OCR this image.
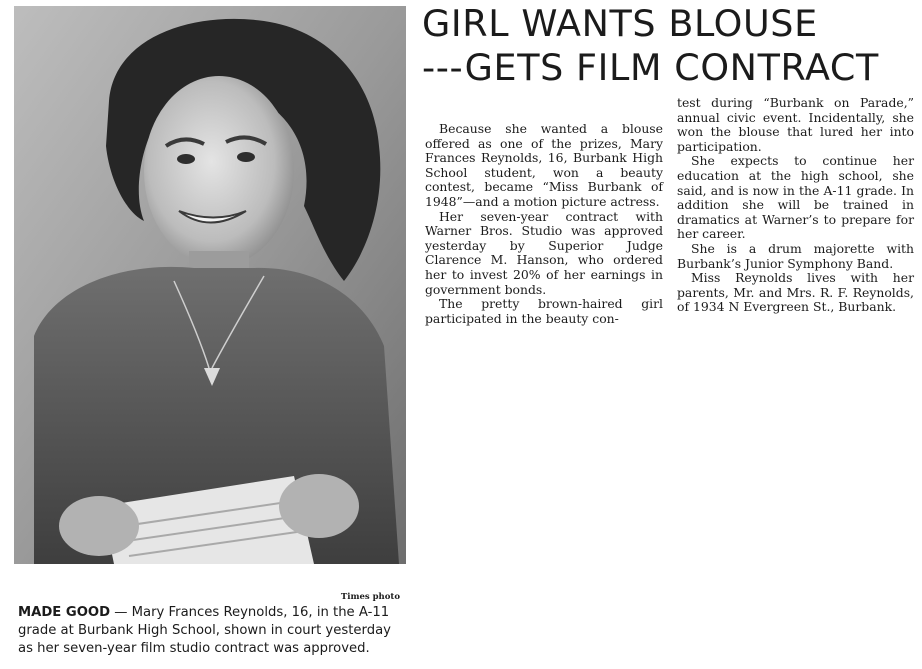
Times photo
MADE GOOD — Mary Frances Reynolds, 16, in the A-11 grade at Burbank High School, shown in court yesterday as her seven-year film studio contract was approved.
GIRL WANTS BLOUSE
---GETS FILM CONTRACT

Because she wanted a blouse offered as one of the prizes, Mary Frances Reynolds, 16, Burbank High School student, won a beauty contest, became “Miss Burbank of 1948”—and a motion picture actress.

Her seven-year contract with Warner Bros. Studio was approved yesterday by Superior Judge Clarence M. Hanson, who ordered her to invest 20% of her earnings in government bonds.

The pretty brown-haired girl participated in the beauty con-

test during “Burbank on Parade,” annual civic event. Incidentally, she won the blouse that lured her into participation.

She expects to continue her education at the high school, she said, and is now in the A-11 grade. In addition she will be trained in dramatics at Warner’s to prepare for her career.

She is a drum majorette with Burbank’s Junior Symphony Band.

Miss Reynolds lives with her parents, Mr. and Mrs. R. F. Reynolds, of 1934 N Evergreen St., Burbank.
